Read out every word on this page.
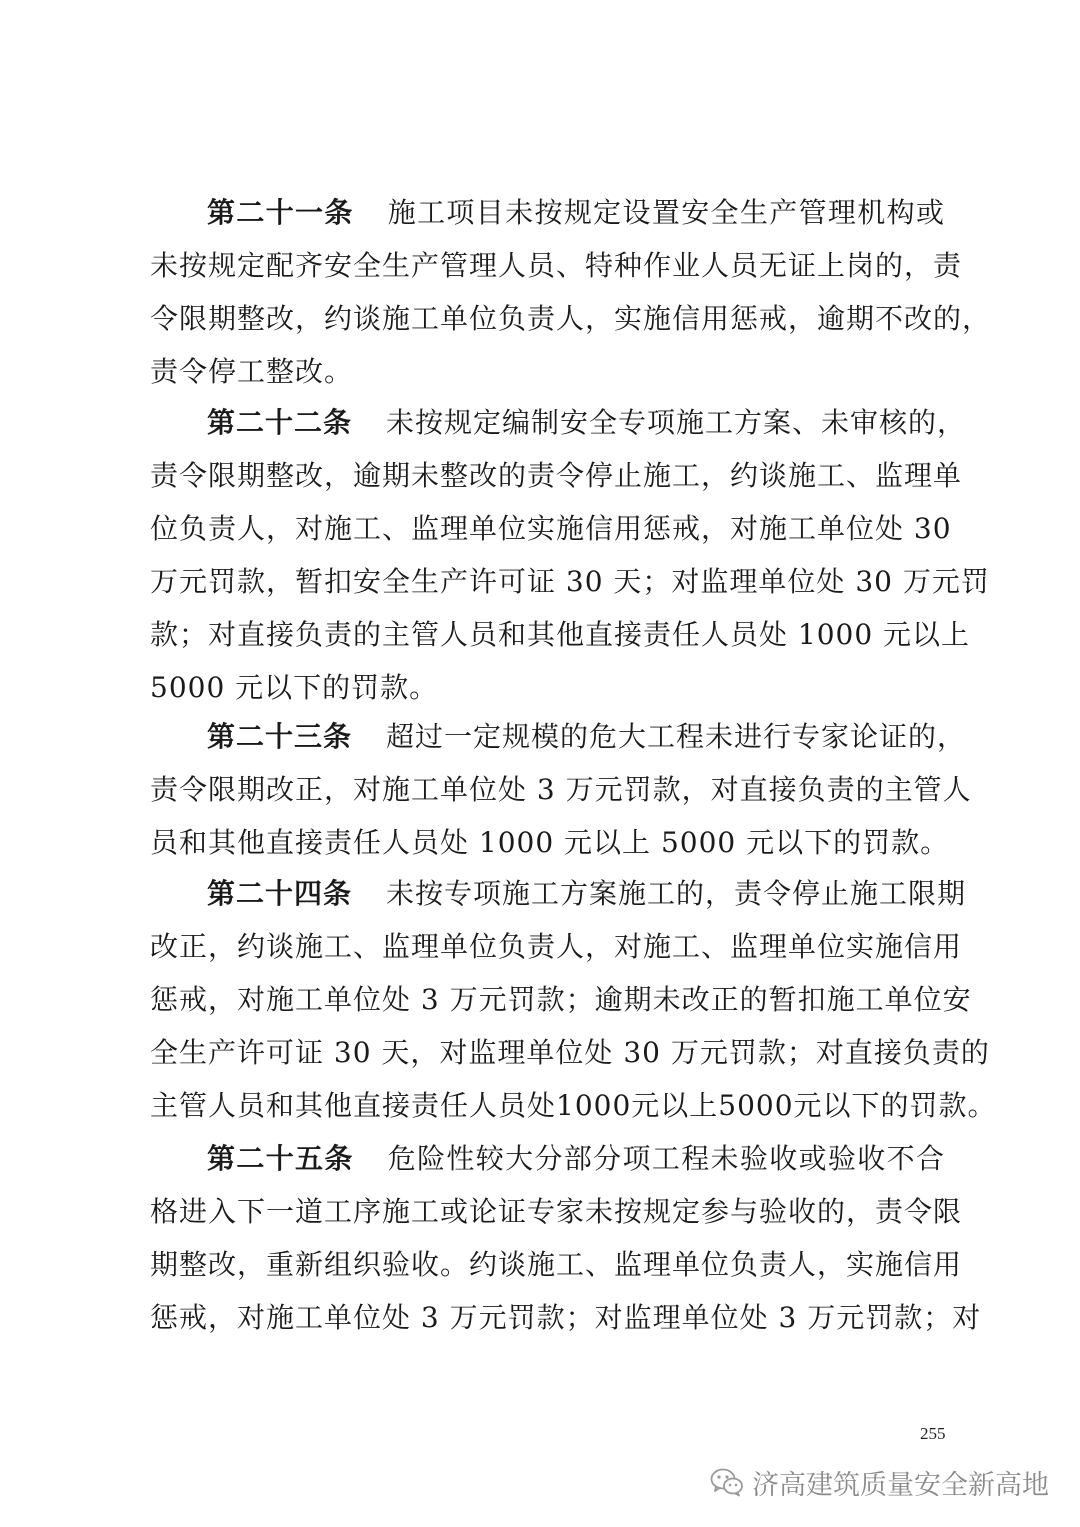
第二十一条 施工项目未按规定设置安全生产管理机构或
未按规定配齐安全生产管理人员、特种作业人员无证上岗的，责
令限期整改，约谈施工单位负责人，实施信用惩戒，逾期不改的，
责令停工整改。
第二十二条 未按规定编制安全专项施工方案、未审核的，
责令限期整改，逾期未整改的责令停止施工，约谈施工、监理单
位负责人，对施工、监理单位实施信用惩戒，对施工单位处 30
万元罚款，暂扣安全生产许可证 30 天；对监理单位处 30 万元罚
款；对直接负责的主管人员和其他直接责任人员处 1000 元以上
5000 元以下的罚款。
第二十三条 超过一定规模的危大工程未进行专家论证的，
责令限期改正，对施工单位处 3 万元罚款，对直接负责的主管人
员和其他直接责任人员处 1000 元以上 5000 元以下的罚款。
第二十四条 未按专项施工方案施工的，责令停止施工限期
改正，约谈施工、监理单位负责人，对施工、监理单位实施信用
惩戒，对施工单位处 3 万元罚款；逾期未改正的暂扣施工单位安
全生产许可证 30 天，对监理单位处 30 万元罚款；对直接负责的
主管人员和其他直接责任人员处1000元以上5000元以下的罚款。
第二十五条 危险性较大分部分项工程未验收或验收不合
格进入下一道工序施工或论证专家未按规定参与验收的，责令限
期整改，重新组织验收。约谈施工、监理单位负责人，实施信用
惩戒，对施工单位处 3 万元罚款；对监理单位处 3 万元罚款；对
255
济高建筑质量安全新高地
